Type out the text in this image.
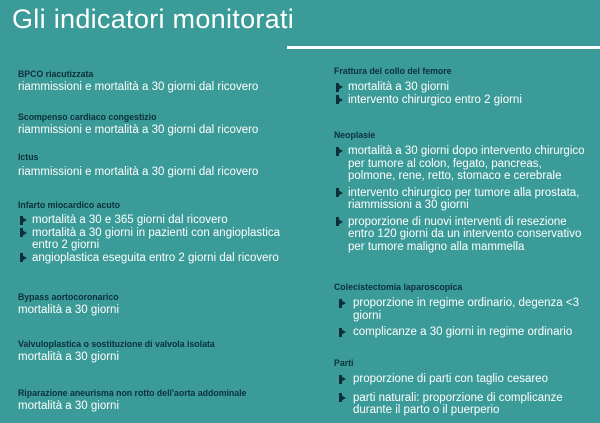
Gli indicatori monitorati
BPCO riacutizzata
riammissioni e mortalità a 30 giorni dal ricovero
Scompenso cardiaco congestizio
riammissioni e mortalità a 30 giorni dal ricovero
Ictus
riammissioni e mortalità a 30 giorni dal ricovero
Infarto miocardico acuto
mortalità a 30 e 365 giorni dal ricovero
mortalità a 30 giorni in pazienti con angioplastica entro 2 giorni
angioplastica eseguita entro 2 giorni dal ricovero
Bypass aortocoronarico
mortalità a 30 giorni
Valvuloplastica o sostituzione di valvola isolata
mortalità a 30 giorni
Riparazione aneurisma non rotto dell'aorta addominale
mortalità a 30 giorni
Frattura del collo del femore
mortalità a 30 giorni
intervento chirurgico entro 2 giorni
Neoplasie
mortalità a 30 giorni dopo intervento chirurgico per tumore al colon, fegato, pancreas, polmone, rene, retto, stomaco e cerebrale
intervento chirurgico per tumore alla prostata, riammissioni a 30 giorni
proporzione di nuovi interventi di resezione entro 120 giorni da un intervento conservativo per tumore maligno alla mammella
Colecistectomia laparoscopica
proporzione in regime ordinario, degenza <3 giorni
complicanze a 30 giorni in regime ordinario
Parti
proporzione di parti con taglio cesareo
parti naturali: proporzione di complicanze durante il parto o il puerperio
